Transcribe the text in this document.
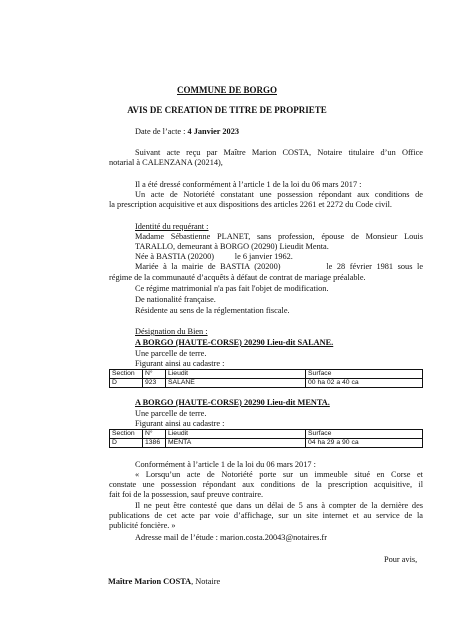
COMMUNE DE BORGO
AVIS DE CREATION DE TITRE DE PROPRIETE
Date de l’acte : 4 Janvier 2023
Suivant acte reçu par Maître Marion COSTA, Notaire titulaire d’un Office
notarial à CALENZANA (20214),
Il a été dressé conformément à l’article 1 de la loi du 06 mars 2017 :
Un acte de Notoriété constatant une possession répondant aux conditions de
la prescription acquisitive et aux dispositions des articles 2261 et 2272 du Code civil.
Identité du requérant :
Madame Sébastienne PLANET, sans profession, épouse de Monsieur Louis
TARALLO, demeurant à BORGO (20290) Lieudit Menta.
Née à BASTIA (20200)          le 6 janvier 1962.
Mariée à la mairie de BASTIA (20200)          le 28 février 1981 sous le
régime de la communauté d’acquêts à défaut de contrat de mariage préalable.
Ce régime matrimonial n'a pas fait l'objet de modification.
De nationalité française.
Résidente au sens de la réglementation fiscale.
Désignation du Bien :
A BORGO (HAUTE-CORSE) 20290 Lieu-dit SALANE.
Une parcelle de terre.
Figurant ainsi au cadastre :
Section	N°	Lieudit	Surface
D	923	SALANE	00 ha 02 a 40 ca
A BORGO (HAUTE-CORSE) 20290 Lieu-dit MENTA.
Une parcelle de terre.
Figurant ainsi au cadastre :
Section	N°	Lieudit	Surface
D	1386	MENTA	04 ha 29 a 90 ca
Conformément à l’article 1 de la loi du 06 mars 2017 :
« Lorsqu’un acte de Notoriété porte sur un immeuble situé en Corse et
constate une possession répondant aux conditions de la prescription acquisitive, il
fait foi de la possession, sauf preuve contraire.
Il ne peut être contesté que dans un délai de 5 ans à compter de la dernière des
publications de cet acte par voie d’affichage, sur un site internet et au service de la
publicité foncière. »
Adresse mail de l’étude : marion.costa.20043@notaires.fr
Pour avis,
Maître Marion COSTA, Notaire
